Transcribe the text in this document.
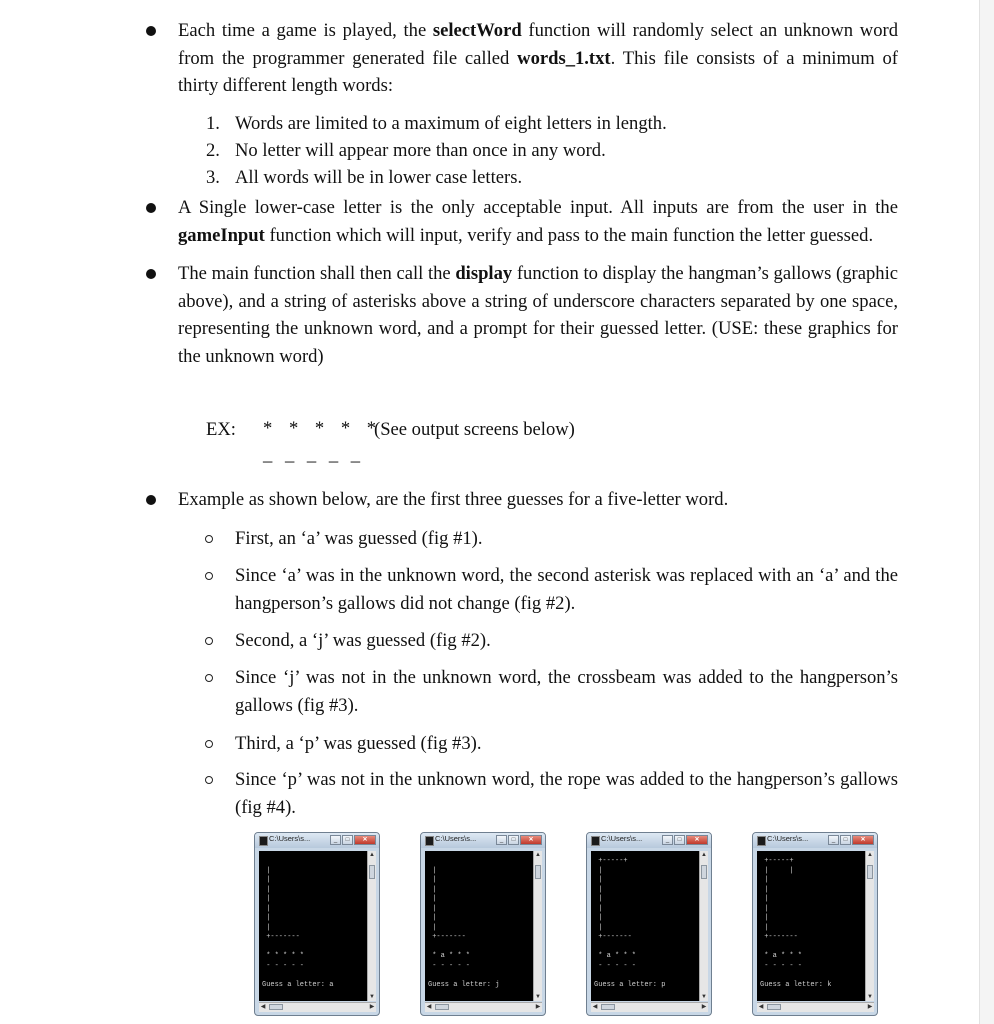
Each time a game is played, the selectWord function will randomly select an unknown word from the programmer generated file called words_1.txt. This file consists of a minimum of thirty different length words:
1. Words are limited to a maximum of eight letters in length.
2. No letter will appear more than once in any word.
3. All words will be in lower case letters.
A Single lower-case letter is the only acceptable input. All inputs are from the user in the gameInput function which will input, verify and pass to the main function the letter guessed.
The main function shall then call the display function to display the hangman’s gallows (graphic above), and a string of asterisks above a string of underscore characters separated by one space, representing the unknown word, and a prompt for their guessed letter. (USE: these graphics for the unknown word)
EX: * * * * *
(See output screens below)
_ _ _ _ _
Example as shown below, are the first three guesses for a five-letter word.
First, an ‘a’ was guessed (fig #1).
Since ‘a’ was in the unknown word, the second asterisk was replaced with an ‘a’ and the hangperson’s gallows did not change (fig #2).
Second, a ‘j’ was guessed (fig #2).
Since ‘j’ was not in the unknown word, the crossbeam was added to the hangperson’s gallows (fig #3).
Third, a ‘p’ was guessed (fig #3).
Since ‘p’ was not in the unknown word, the rope was added to the hangperson’s gallows (fig #4).
C:\Users\s...	_	□	✕

|
|
|
|
|
|
|
+-------

* * * * *
- - - - -

Guess a letter: a
▲
▼
◀	▶
C:\Users\s...	_	□	✕

|
|
|
|
|
|
|
+-------

* a * * *
- - - - -

Guess a letter: j
▲
▼
◀	▶
C:\Users\s...	_	□	✕
+-----+
|
|
|
|
|
|
|
+-------

* a * * *
- - - - -

Guess a letter: p
▲
▼
◀	▶
C:\Users\s...	_	□	✕
+-----+
|     |
|
|
|
|
|
|
+-------

* a * * *
- - - - -

Guess a letter: k
▲
▼
◀	▶
